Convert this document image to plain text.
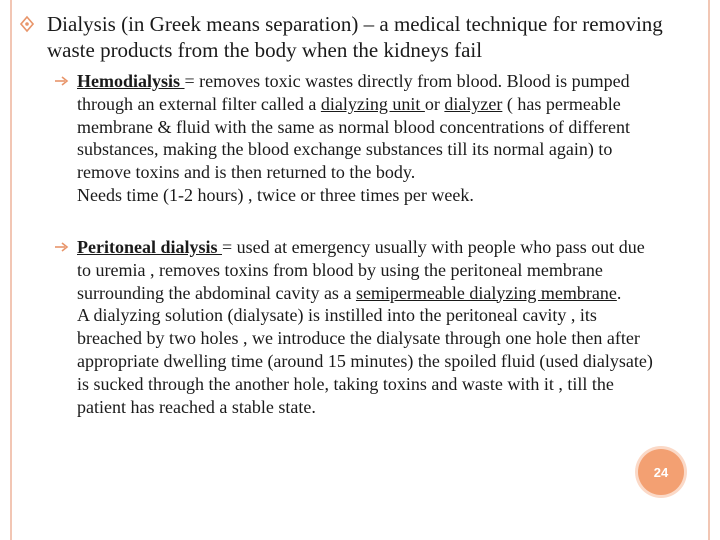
Dialysis (in Greek means separation) – a medical technique for removing waste products from the body when the kidneys fail
Hemodialysis = removes toxic wastes directly from blood. Blood is pumped through an external filter called a dialyzing unit or dialyzer ( has permeable membrane & fluid with the same as normal blood concentrations of different substances, making the blood exchange substances till its normal again) to remove toxins and is then returned to the body.
Needs time (1-2 hours) , twice or three times per week.
Peritoneal dialysis = used at emergency usually with people who pass out due to uremia , removes toxins from blood by using the peritoneal membrane surrounding the abdominal cavity as a semipermeable dialyzing membrane.
A dialyzing solution (dialysate) is instilled into the peritoneal cavity , its breached by two holes , we introduce the dialysate through one hole then after appropriate dwelling time (around 15 minutes) the spoiled fluid (used dialysate) is sucked through the another hole, taking toxins and waste with it , till the patient has reached a stable state.
24
